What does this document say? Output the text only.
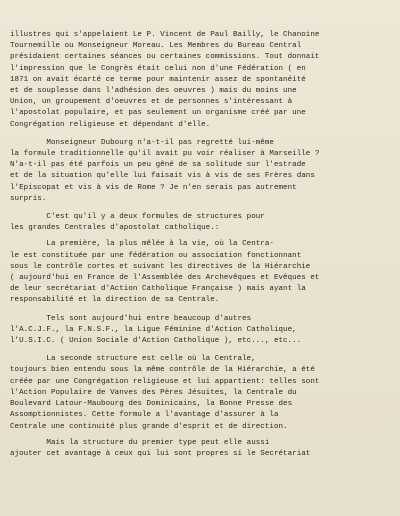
illustres qui s'appelaient Le P. Vincent de Paul Bailly, le Chanoine
Tournemille ou Monseigneur Moreau. Les Membres du Bureau Central
présidaient certaines séances ou certaines commissions. Tout donnait
l'impression que le Congrès était celui non d'une Fédération ( en
1871 on avait écarté ce terme pour maintenir assez de spontanéité
et de souplesse dans l'adhésion des oeuvres ) mais du moins une
Union, un groupement d'oeuvres et de personnes s'intéressant à
l'apostolat populaire, et pas seulement un organisme créé par une
Congrégation religieuse et dépendant d'elle.

Monseigneur Dubourg n'a-t-il pas regretté lui-même
la formule traditionnelle qu'il avait pu voir réaliser à Marseille ?
N'a-t-il pas été parfois un peu gêné de sa solitude sur l'estrade
et de la situation qu'elle lui faisait vis à vis de ses Frères dans
l'Episcopat et vis à vis de Rome ? Je n'en serais pas autrement
surpris.

C'est qu'il y a deux formules de structures pour
les grandes Centrales d'apostolat catholique.:

La première, la plus mêlée à la vie, où la Centra-
le est constituée par une fédération ou association fonctionnant
sous le contrôle cortes et suivant les directives de la Hiérarchie
( aujourd'hui en France de l'Assemblée des Archevêques et Evêques et
de leur secrétariat d'Action Catholique Française ) mais ayant la
responsabilité et la direction de sa Centrale.

Tels sont aujourd'hui entre beaucoup d'autres
l'A.C.J.F., la F.N.S.F., la Ligue Féminine d'Action Catholique,
l'U.S.I.C. ( Union Sociale d'Action Catholique ), etc..., etc...

La seconde structure est celle où la Centrale,
toujours bien entendu sous la même contrôle de la Hiérarchie, a été
créée par une Congrégation religieuse et lui appartient: telles sont
l'Action Populaire de Vanves des Pères Jésuites, la Centrale du
Boulevard Latour-Maubourg des Dominicains, la Bonne Presse des
Assomptionnistes. Cette formule a l'avantage d'assurer à la
Centrale une continuité plus grande d'esprit et de direction.

Mais la structure du premier type peut elle aussi
ajouter cet avantage à ceux qui lui sont propres si le Secrétariat
